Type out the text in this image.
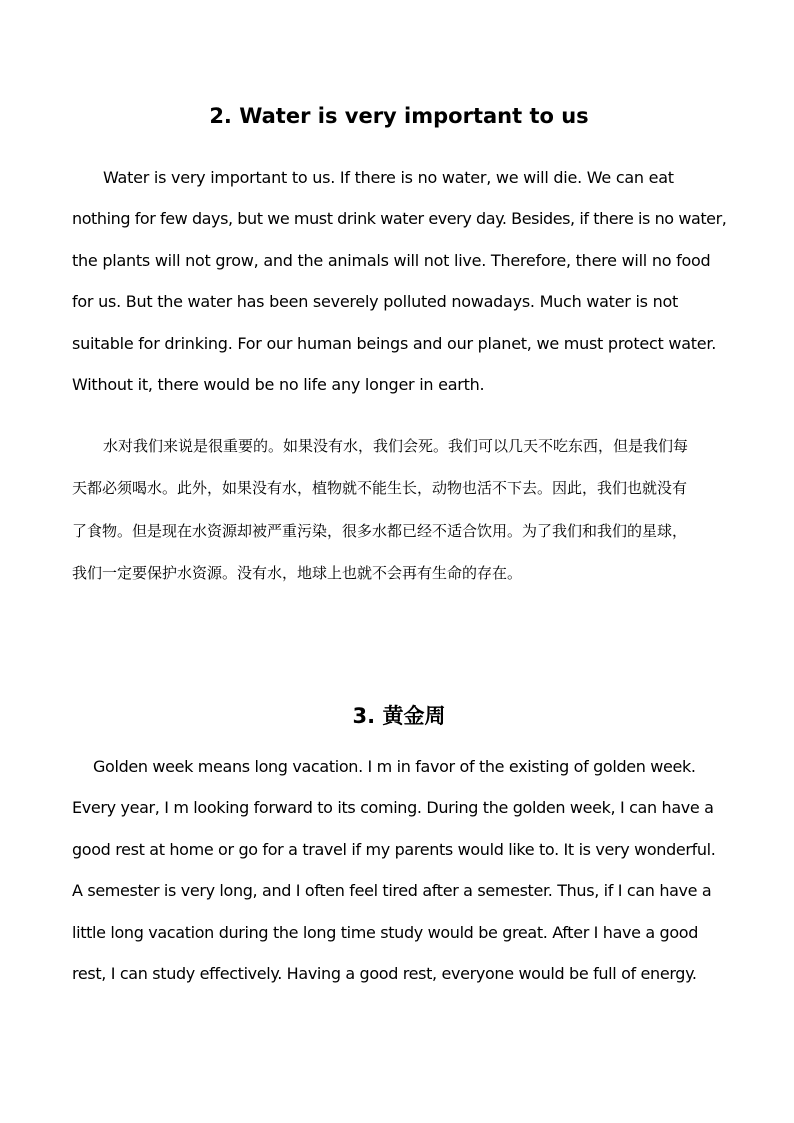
2. Water is very important to us
Water is very important to us. If there is no water, we will die. We can eat
nothing for few days, but we must drink water every day. Besides, if there is no water,
the plants will not grow, and the animals will not live. Therefore, there will no food
for us. But the water has been severely polluted nowadays. Much water is not
suitable for drinking. For our human beings and our planet, we must protect water.
Without it, there would be no life any longer in earth.
水对我们来说是很重要的。如果没有水，我们会死。我们可以几天不吃东西，但是我们每
天都必须喝水。此外，如果没有水，植物就不能生长，动物也活不下去。因此，我们也就没有
了食物。但是现在水资源却被严重污染，很多水都已经不适合饮用。为了我们和我们的星球，
我们一定要保护水资源。没有水，地球上也就不会再有生命的存在。
3. 黄金周
Golden week means long vacation. I m in favor of the existing of golden week.
Every year, I m looking forward to its coming. During the golden week, I can have a
good rest at home or go for a travel if my parents would like to. It is very wonderful.
A semester is very long, and I often feel tired after a semester. Thus, if I can have a
little long vacation during the long time study would be great. After I have a good
rest, I can study effectively. Having a good rest, everyone would be full of energy.
